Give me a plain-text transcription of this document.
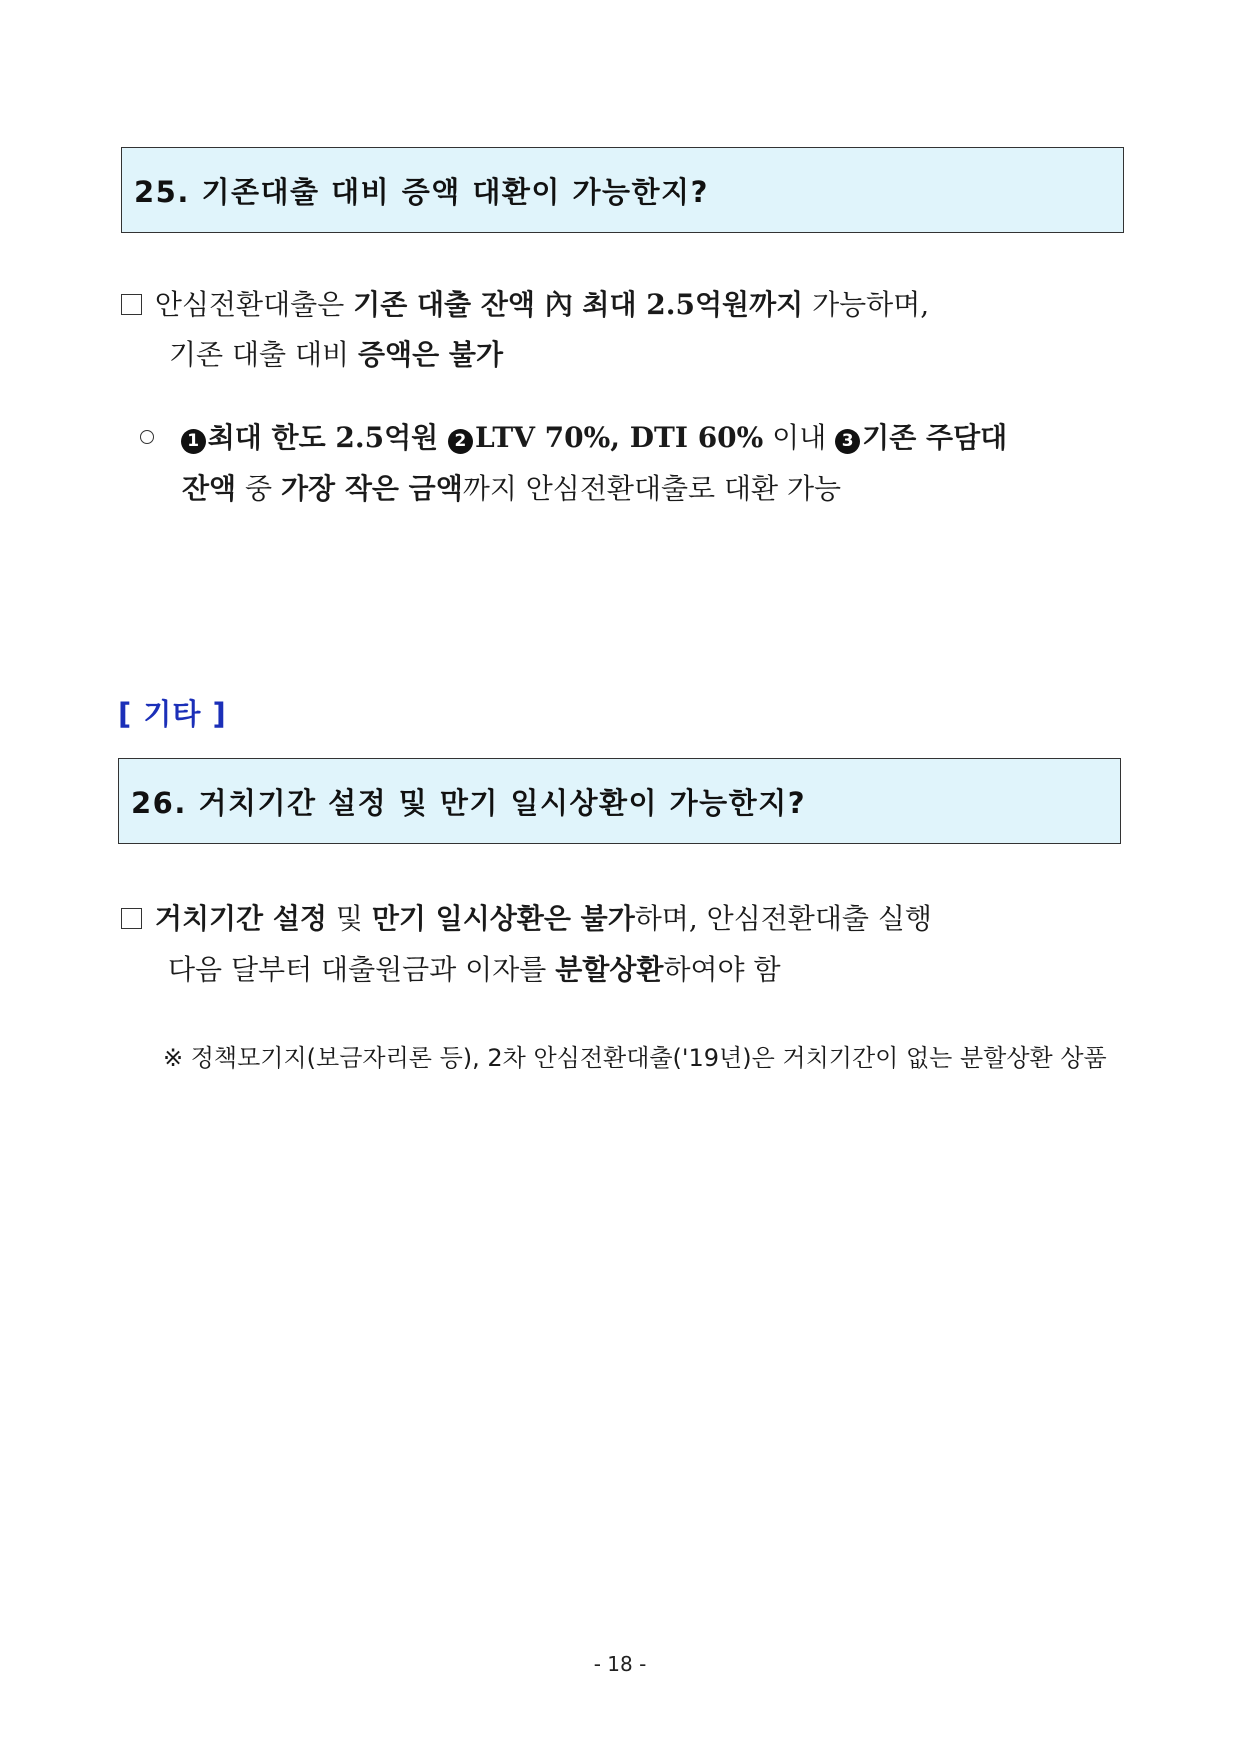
25. 기존대출 대비 증액 대환이 가능한지?
안심전환대출은 기존 대출 잔액 內 최대 2.5억원까지 가능하며,
기존 대출 대비 증액은 불가
1 최대 한도 2.5억원 2 LTV 70%, DTI 60% 이내 3 기존 주담대
잔액 중 가장 작은 금액까지 안심전환대출로 대환 가능
[ 기타 ]
26. 거치기간 설정 및 만기 일시상환이 가능한지?
거치기간 설정 및 만기 일시상환은 불가하며, 안심전환대출 실행
다음 달부터 대출원금과 이자를 분할상환하여야 함
※ 정책모기지(보금자리론 등), 2차 안심전환대출('19년)은 거치기간이 없는 분할상환 상품
- 18 -
